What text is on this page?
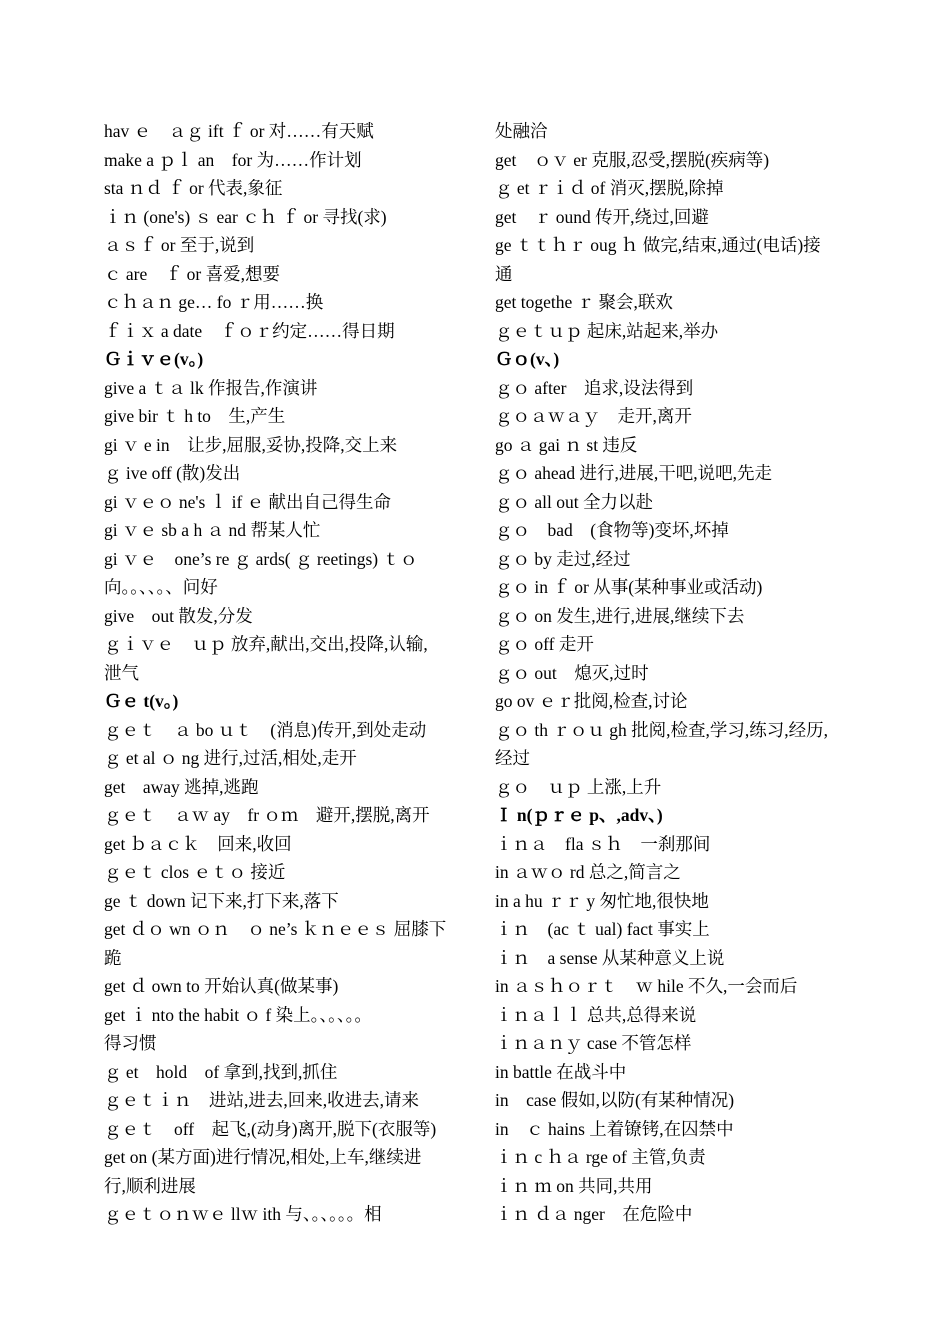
hav ｅ　ａｇ ift ｆ or 对……有天赋
make a ｐｌ an　for 为……作计划
sta ｎｄ ｆ or 代表,象征
ｉｎ (one's) ｓ ear ｃｈ ｆ or 寻找(求)
ａｓｆ or 至于,说到
ｃ are　ｆ or 喜爱,想要
ｃｈａｎ ge… fo ｒ用……换
ｆｉｘ a date　ｆｏｒ约定……得日期
Ｇｉｖｅ(v。)
give a ｔａ lk 作报告,作演讲
give bir ｔ h to　生,产生
gi ｖ e in　让步,屈服,妥协,投降,交上来
ｇ ive off (散)发出
gi ｖｅｏ ne's ｌ if ｅ 献出自己得生命
gi ｖｅ sb a h ａ nd 帮某人忙
gi ｖｅ　one’s re ｇ ards( ｇ reetings) ｔｏ
向。。、、。、问好
give　out 散发,分发
ｇｉｖｅ　ｕｐ 放弃,献出,交出,投降,认输,
泄气
Ｇｅ t(v。)
ｇｅｔ　ａ bo ｕｔ　(消息)传开,到处走动
ｇ et al ｏ ng 进行,过活,相处,走开
get　away 逃掉,逃跑
ｇｅｔ　ａｗ ay　fr ｏｍ　避开,摆脱,离开
get ｂａｃｋ　回来,收回
ｇｅｔ clos ｅｔｏ 接近
ge ｔ down 记下来,打下来,落下
get ｄｏ wn ｏｎ　ｏ ne’s ｋｎｅｅｓ 屈膝下
跪
get ｄ own to 开始认真(做某事)
get ｉ nto the habit ｏ f 染上。、。、。。
得习惯
ｇ et　hold　of 拿到,找到,抓住
ｇｅｔｉｎ　进站,进去,回来,收进去,请来
ｇｅｔ　off　起飞,(动身)离开,脱下(衣服等)
get on (某方面)进行情况,相处,上车,继续进
行,顺利进展
ｇｅｔｏｎｗｅ llｗ ith 与、。、。。。相
处融洽
get　ｏｖ er 克服,忍受,摆脱(疾病等)
ｇ et ｒｉｄ of 消灭,摆脱,除掉
get　ｒ ound 传开,绕过,回避
ge ｔｔｈｒ oug ｈ 做完,结束,通过(电话)接
通
get togethe ｒ 聚会,联欢
ｇｅｔｕｐ 起床,站起来,举办
Ｇｏ(v、)
ｇｏ after　追求,设法得到
ｇｏａｗａｙ　走开,离开
go ａ gai ｎ st 违反
ｇｏ ahead 进行,进展,干吧,说吧,先走
ｇｏ all out 全力以赴
ｇｏ　bad　(食物等)变坏,坏掉
ｇｏ by 走过,经过
ｇｏ in ｆ or 从事(某种事业或活动)
ｇｏ on 发生,进行,进展,继续下去
ｇｏ off 走开
ｇｏ out　熄灭,过时
go ov ｅｒ批阅,检查,讨论
ｇｏ th ｒｏｕ gh 批阅,检查,学习,练习,经历,
经过
ｇｏ　ｕｐ 上涨,上升
Ｉ n(ｐｒｅ p、,adv、)
ｉｎａ　fla ｓｈ　一刹那间
in ａｗｏ rd 总之,简言之
in a hu ｒｒ y 匆忙地,很快地
ｉｎ　(ac ｔ ual) fact 事实上
ｉｎ　a sense 从某种意义上说
in ａｓｈｏｒｔ　ｗ hile 不久,一会而后
ｉｎａｌｌ 总共,总得来说
ｉｎａｎｙ case 不管怎样
in battle 在战斗中
in　case 假如,以防(有某种情况)
in　ｃ hains 上着镣铐,在囚禁中
ｉｎ c ｈａ rge of 主管,负责
ｉｎ ｍ on 共同,共用
ｉｎ ｄａ nger　在危险中
